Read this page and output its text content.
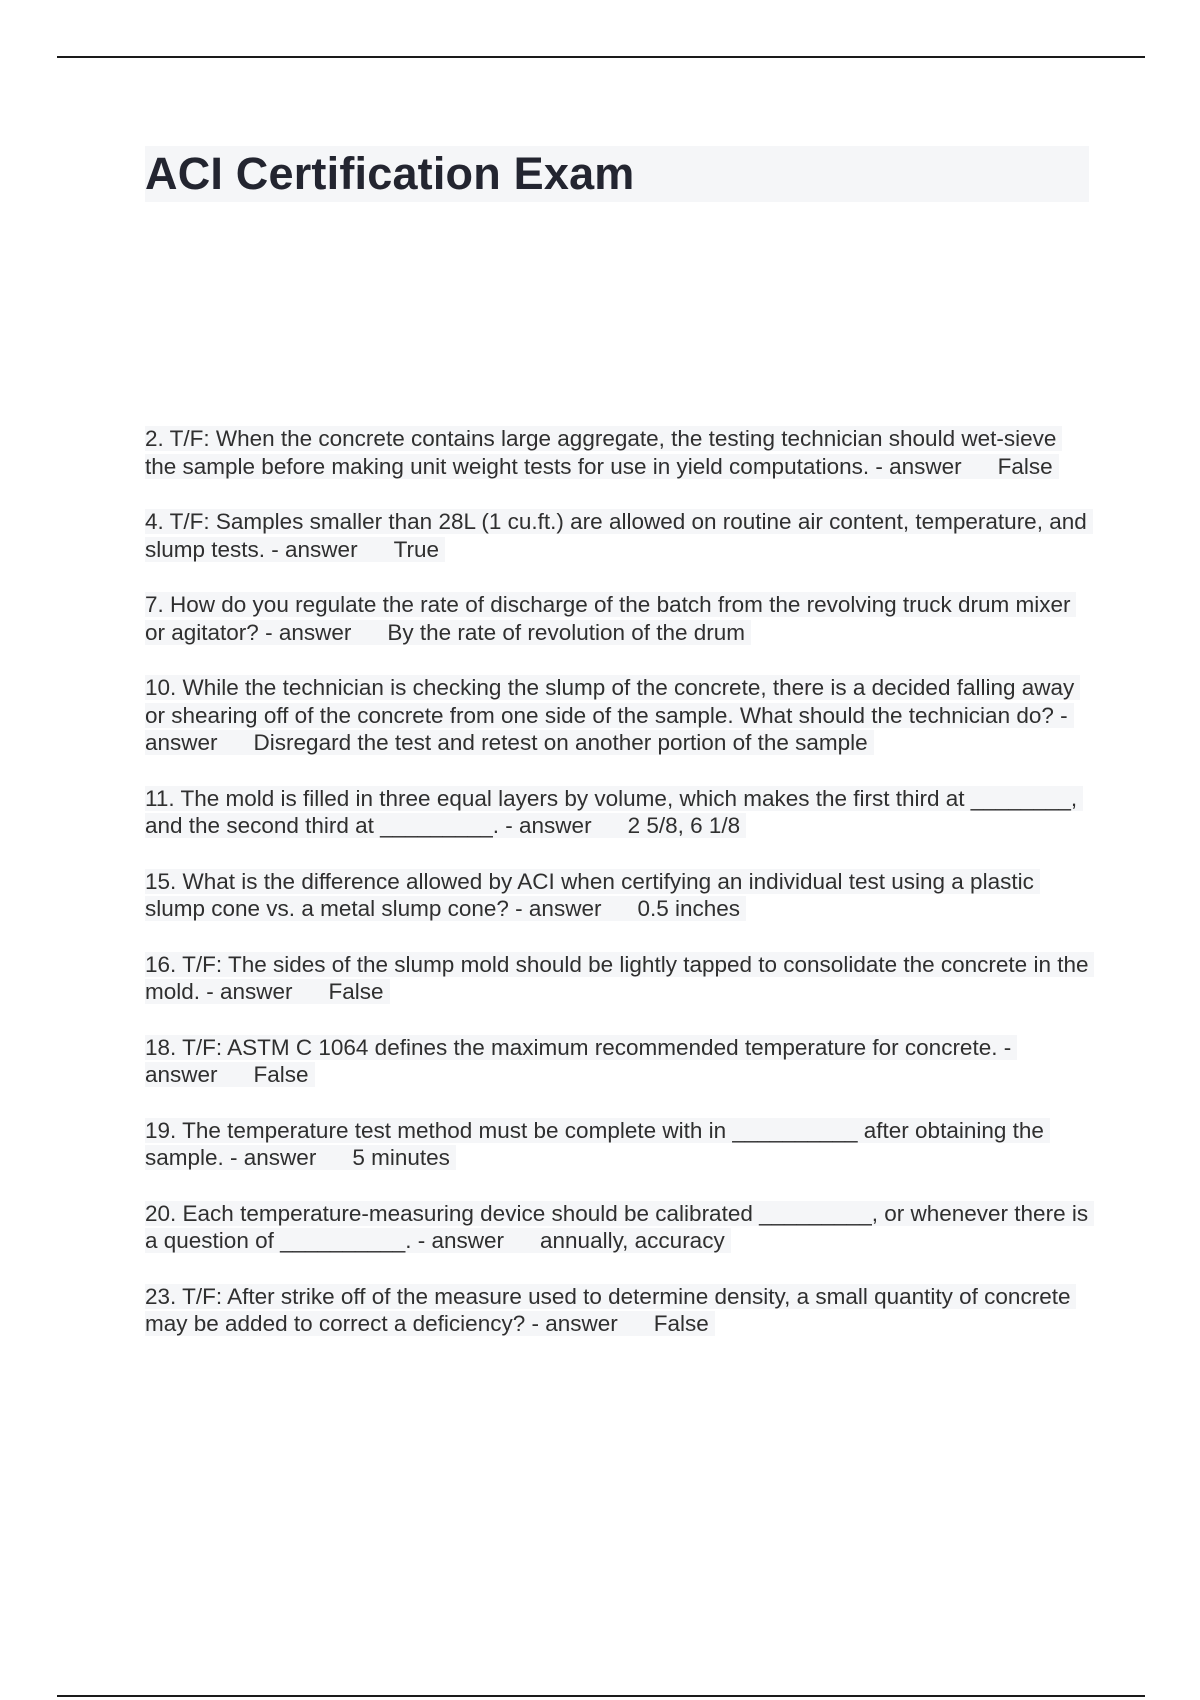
ACI Certification Exam

2. T/F: When the concrete contains large aggregate, the testing technician should wet-sieve the sample before making unit weight tests for use in yield computations. - answer False

4. T/F: Samples smaller than 28L (1 cu.ft.) are allowed on routine air content, temperature, and slump tests. - answer True

7. How do you regulate the rate of discharge of the batch from the revolving truck drum mixer or agitator? - answer By the rate of revolution of the drum

10. While the technician is checking the slump of the concrete, there is a decided falling away or shearing off of the concrete from one side of the sample. What should the technician do? - answer Disregard the test and retest on another portion of the sample

11. The mold is filled in three equal layers by volume, which makes the first third at ________, and the second third at _________. - answer 2 5/8, 6 1/8

15. What is the difference allowed by ACI when certifying an individual test using a plastic slump cone vs. a metal slump cone? - answer 0.5 inches

16. T/F: The sides of the slump mold should be lightly tapped to consolidate the concrete in the mold. - answer False

18. T/F: ASTM C 1064 defines the maximum recommended temperature for concrete. - answer False

19. The temperature test method must be complete with in __________ after obtaining the sample. - answer 5 minutes

20. Each temperature-measuring device should be calibrated _________, or whenever there is a question of __________. - answer annually, accuracy

23. T/F: After strike off of the measure used to determine density, a small quantity of concrete may be added to correct a deficiency? - answer False
